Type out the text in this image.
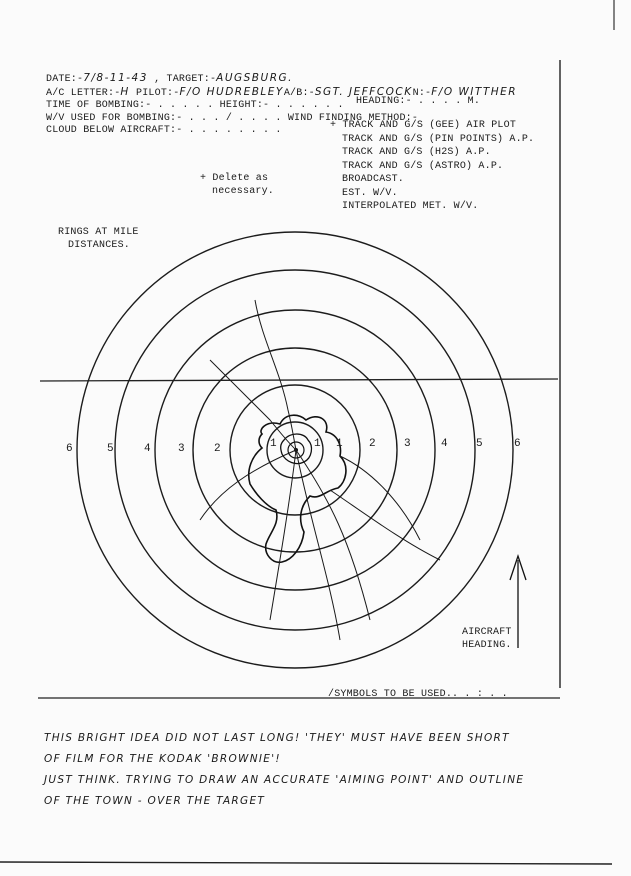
DATE:-7/8-11-43 , TARGET:-AUGSBURG.
A/C LETTER:-H PILOT:-F/O HUDREBLEYA/B:-SGT. JEFFCOCKN:-F/O WITTHER
TIME OF BOMBING:- . . . . . HEIGHT:- . . . . . . HEADING:- . . . . M.
W/V USED FOR BOMBING:- . . . / . . . . WIND FINDING METHOD:-
CLOUD BELOW AIRCRAFT:- . . . . . . . .	+ TRACK AND G/S (GEE) AIR PLOT
TRACK AND G/S (PIN POINTS) A.P.
TRACK AND G/S (H2S) A.P.
TRACK AND G/S (ASTRO) A.P.
BROADCAST.
EST. W/V.
INTERPOLATED MET. W/V.
+ Delete as
necessary.
RINGS AT MILE
DISTANCES.
6	5	4 3	2	1	1 1 2	3	4	5	6
AIRCRAFT
HEADING.
/SYMBOLS TO BE USED.. . : . .
THIS BRIGHT IDEA DID NOT LAST LONG! 'THEY' MUST HAVE BEEN SHORT
OF FILM FOR THE KODAK 'BROWNIE'!
JUST THINK. TRYING TO DRAW AN ACCURATE 'AIMING POINT' AND OUTLINE
OF THE TOWN - OVER THE TARGET
